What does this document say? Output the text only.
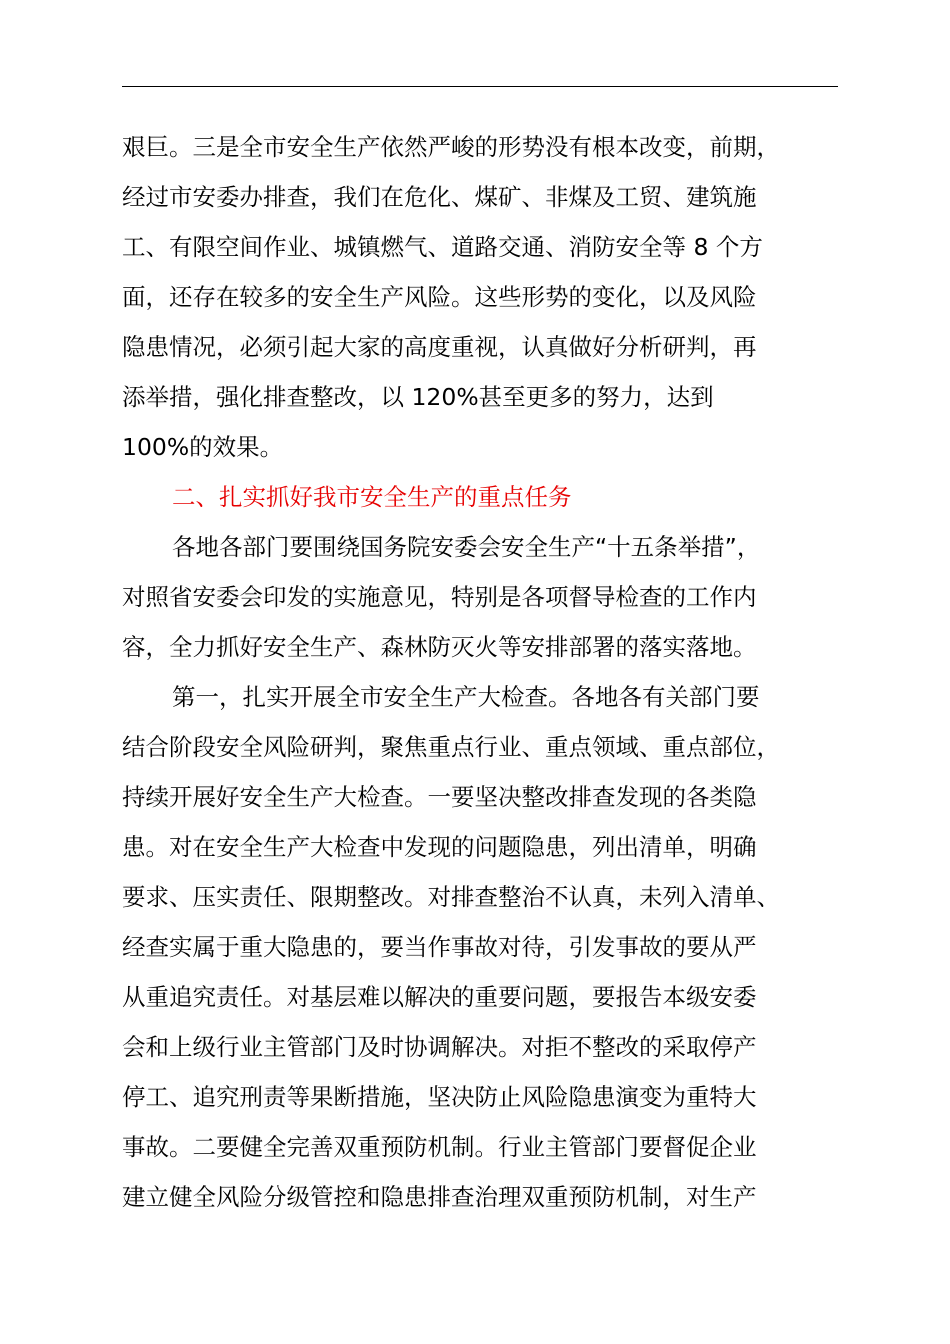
艰巨。三是全市安全生产依然严峻的形势没有根本改变，前期，
经过市安委办排查，我们在危化、煤矿、非煤及工贸、建筑施
工、有限空间作业、城镇燃气、道路交通、消防安全等 8 个方
面，还存在较多的安全生产风险。这些形势的变化，以及风险
隐患情况，必须引起大家的高度重视，认真做好分析研判，再
添举措，强化排查整改，以 120%甚至更多的努力，达到
100%的效果。
二、扎实抓好我市安全生产的重点任务
各地各部门要围绕国务院安委会安全生产“十五条举措”，
对照省安委会印发的实施意见，特别是各项督导检查的工作内
容，全力抓好安全生产、森林防灭火等安排部署的落实落地。
第一，扎实开展全市安全生产大检查。各地各有关部门要
结合阶段安全风险研判，聚焦重点行业、重点领域、重点部位，
持续开展好安全生产大检查。一要坚决整改排查发现的各类隐
患。对在安全生产大检查中发现的问题隐患，列出清单，明确
要求、压实责任、限期整改。对排查整治不认真，未列入清单、
经查实属于重大隐患的，要当作事故对待，引发事故的要从严
从重追究责任。对基层难以解决的重要问题，要报告本级安委
会和上级行业主管部门及时协调解决。对拒不整改的采取停产
停工、追究刑责等果断措施，坚决防止风险隐患演变为重特大
事故。二要健全完善双重预防机制。行业主管部门要督促企业
建立健全风险分级管控和隐患排查治理双重预防机制，对生产
